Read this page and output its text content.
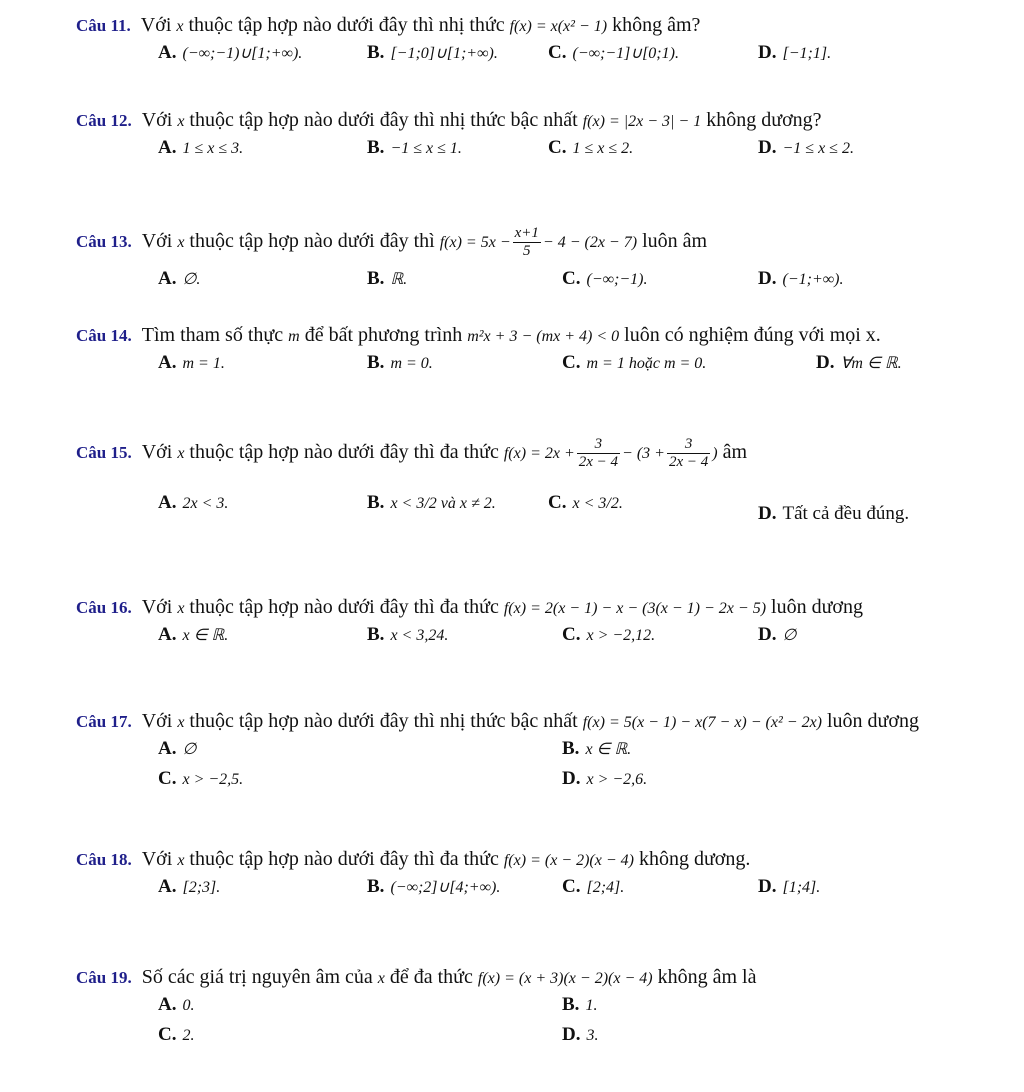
Câu 11. Với x thuộc tập hợp nào dưới đây thì nhị thức f(x) = x(x² − 1) không âm?
A. (−∞;−1)∪[1;+∞).	B. [−1;0]∪[1;+∞).	C. (−∞;−1]∪[0;1).	D. [−1;1].
Câu 12. Với x thuộc tập hợp nào dưới đây thì nhị thức bậc nhất f(x) = |2x − 3| − 1 không dương?
A. 1 ≤ x ≤ 3.	B. −1 ≤ x ≤ 1.	C. 1 ≤ x ≤ 2.	D. −1 ≤ x ≤ 2.
Câu 13. Với x thuộc tập hợp nào dưới đây thì $f(x) = 5x - \frac{x+1}{5} - 4 - (2x - 7)$ luôn âm
A. ∅.	B. ℝ.	C. (−∞;−1).	D. (−1;+∞).
Câu 14. Tìm tham số thực m để bất phương trình m²x + 3 − (mx + 4) < 0 luôn có nghiệm đúng với mọi x.
A. m = 1.	B. m = 0.	C. m = 1 hoặc m = 0.	D. ∀m ∈ ℝ.
Câu 15. Với x thuộc tập hợp nào dưới đây thì đa thức $f(x) = 2x + \frac{3}{2x - 4} - (3 + \frac{3}{2x - 4}$ ) âm
A. 2x < 3.	B. x < 3/2 và x ≠ 2.	C. x < 3/2.	D. Tất cả đều đúng.
Câu 16. Với x thuộc tập hợp nào dưới đây thì đa thức f(x) = 2(x − 1) − x − (3(x − 1) − 2x − 5) luôn dương
A. x ∈ ℝ.	B. x < 3,24.	C. x > −2,12.	D. ∅
Câu 17. Với x thuộc tập hợp nào dưới đây thì nhị thức bậc nhất f(x) = 5(x − 1) − x(7 − x) − (x² − 2x) luôn dương
A. ∅	B. x ∈ ℝ.
C. x > −2,5.	D. x > −2,6.
Câu 18. Với x thuộc tập hợp nào dưới đây thì đa thức f(x) = (x − 2)(x − 4) không dương.
A. [2;3].	B. (−∞;2]∪[4;+∞).	C. [2;4].	D. [1;4].
Câu 19. Số các giá trị nguyên âm của x để đa thức f(x) = (x + 3)(x − 2)(x − 4) không âm là
A. 0.	B. 1.
C. 2.	D. 3.
